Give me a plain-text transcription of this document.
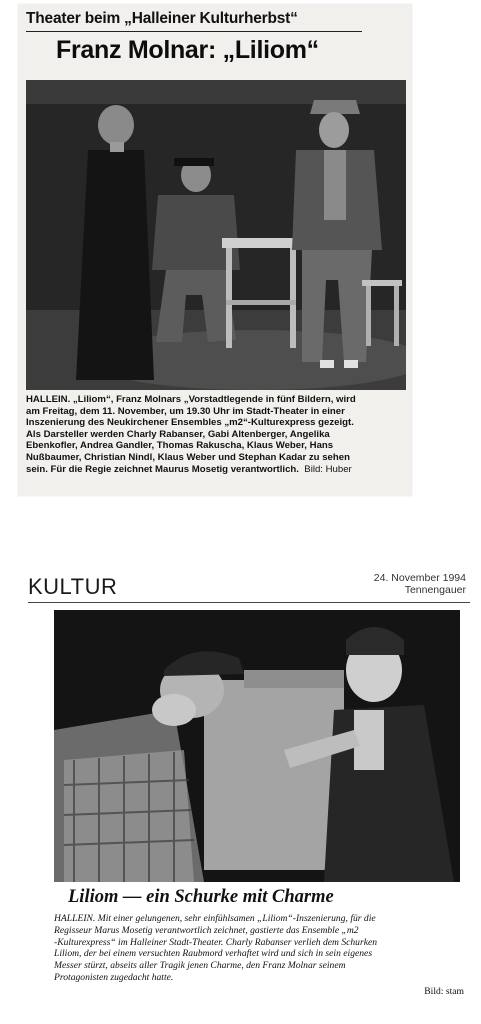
Theater beim „Halleiner Kulturherbst“
Franz Molnar: „Liliom“
HALLEIN. „Liliom“, Franz Molnars „Vorstadtlegende in fünf Bildern, wird
am Freitag, dem 11. November, um 19.30 Uhr im Stadt-Theater in einer
Inszenierung des Neukirchener Ensembles „m2“-Kulturexpress gezeigt.
Als Darsteller werden Charly Rabanser, Gabi Altenberger, Angelika
Ebenkofler, Andrea Gandler, Thomas Rakuscha, Klaus Weber, Hans
Nußbaumer, Christian Nindl, Klaus Weber und Stephan Kadar zu sehen
sein. Für die Regie zeichnet Maurus Mosetig verantwortlich. Bild: Huber
KULTUR	24. November 1994
Tennengauer
Liliom — ein Schurke mit Charme
HALLEIN. Mit einer gelungenen, sehr einfühlsamen „Liliom“-Inszenierung, für die
Regisseur Marus Mosetig verantwortlich zeichnet, gastierte das Ensemble „m2
-Kulturexpress“ im Halleiner Stadt-Theater. Charly Rabanser verlieh dem Schurken
Liliom, der bei einem versuchten Raubmord verhaftet wird und sich in sein eigenes
Messer stürzt, abseits aller Tragik jenen Charme, den Franz Molnar seinem
Protagonisten zugedacht hatte.
Bild: stam
